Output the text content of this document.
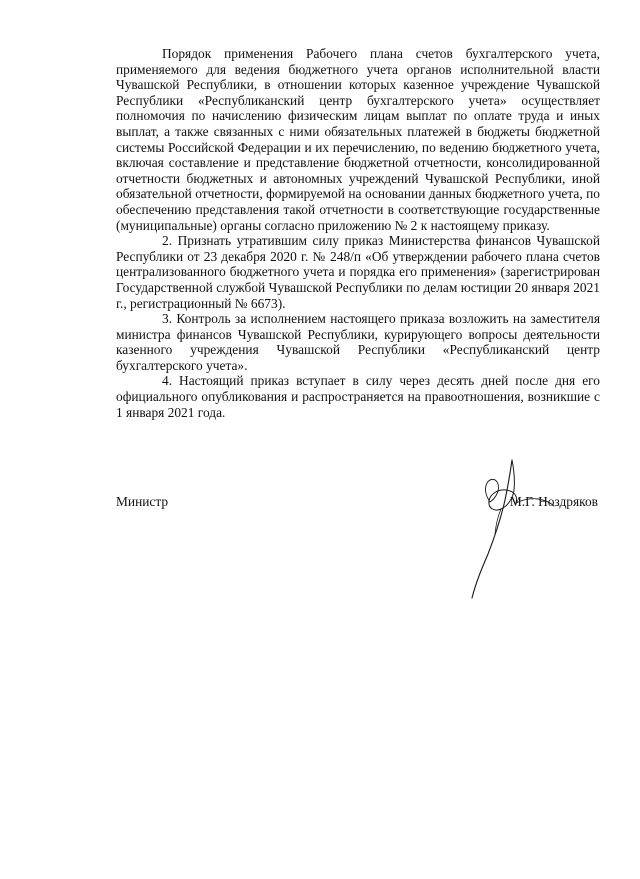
Порядок применения Рабочего плана счетов бухгалтерского учета, применяемого для ведения бюджетного учета органов исполнительной власти Чувашской Республики, в отношении которых казенное учреждение Чувашской Республики «Республиканский центр бухгалтерского учета» осуществляет полномочия по начислению физическим лицам выплат по оплате труда и иных выплат, а также связанных с ними обязательных платежей в бюджеты бюджетной системы Российской Федерации и их перечислению, по ведению бюджетного учета, включая составление и представление бюджетной отчетности, консолидированной отчетности бюджетных и автономных учреждений Чувашской Республики, иной обязательной отчетности, формируемой на основании данных бюджетного учета, по обеспечению представления такой отчетности в соответствующие государственные (муниципальные) органы согласно приложению № 2 к настоящему приказу.

2. Признать утратившим силу приказ Министерства финансов Чувашской Республики от 23 декабря 2020 г. № 248/п «Об утверждении рабочего плана счетов централизованного бюджетного учета и порядка его применения» (зарегистрирован Государственной службой Чувашской Республики по делам юстиции 20 января 2021 г., регистрационный № 6673).

3. Контроль за исполнением настоящего приказа возложить на заместителя министра финансов Чувашской Республики, курирующего вопросы деятельности казенного учреждения Чувашской Республики «Республиканский центр бухгалтерского учета».

4. Настоящий приказ вступает в силу через десять дней после дня его официального опубликования и распространяется на правоотношения, возникшие с 1 января 2021 года.

Министр	М.Г. Ноздряков
